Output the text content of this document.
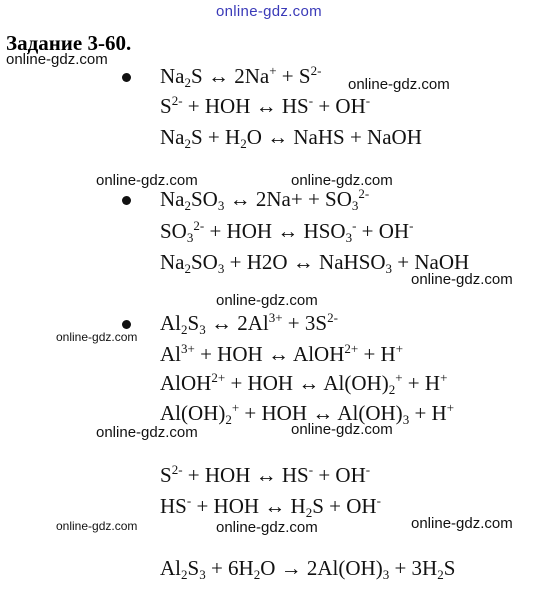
online-gdz.com
Задание 3-60.
$Na_2S$ ↔ $2Na^+ + S^{2-}$
$S^{2-}$ + HOH ↔ HS- + OH-
$Na_2S + H_2O$ ↔ NaHS + NaOH
$Na_2SO_3$ ↔ $2Na+ + SO_3^{2-}$
$SO_3^{2-}$ + HOH ↔ $HSO_3^- + OH^-$
$Na_2SO_3 + H2O$ ↔ NaHSO$_3$ + NaOH
$Al_2S_3$ ↔ $2Al^{3+} + 3S^{2-}$
$Al^{3+}$ + HOH ↔ AlOH$^{2+}$ + H+
AlOH$^{2+}$ + HOH ↔ $Al(OH)_2^+ + H^+$
$Al(OH)_2^+$ + HOH ↔ $Al(OH)_3 + H^+$
$S^{2-}$ + HOH ↔ HS- + OH-
HS- + HOH ↔ $H_2S + OH^-$
$Al_2S_3 + 6H_2O \to 2Al(OH)_3 + 3H_2S$
online-gdz.com
online-gdz.com
online-gdz.com	online-gdz.com
online-gdz.com
online-gdz.com
online-gdz.com
online-gdz.com	online-gdz.com
online-gdz.com	online-gdz.com	online-gdz.com
